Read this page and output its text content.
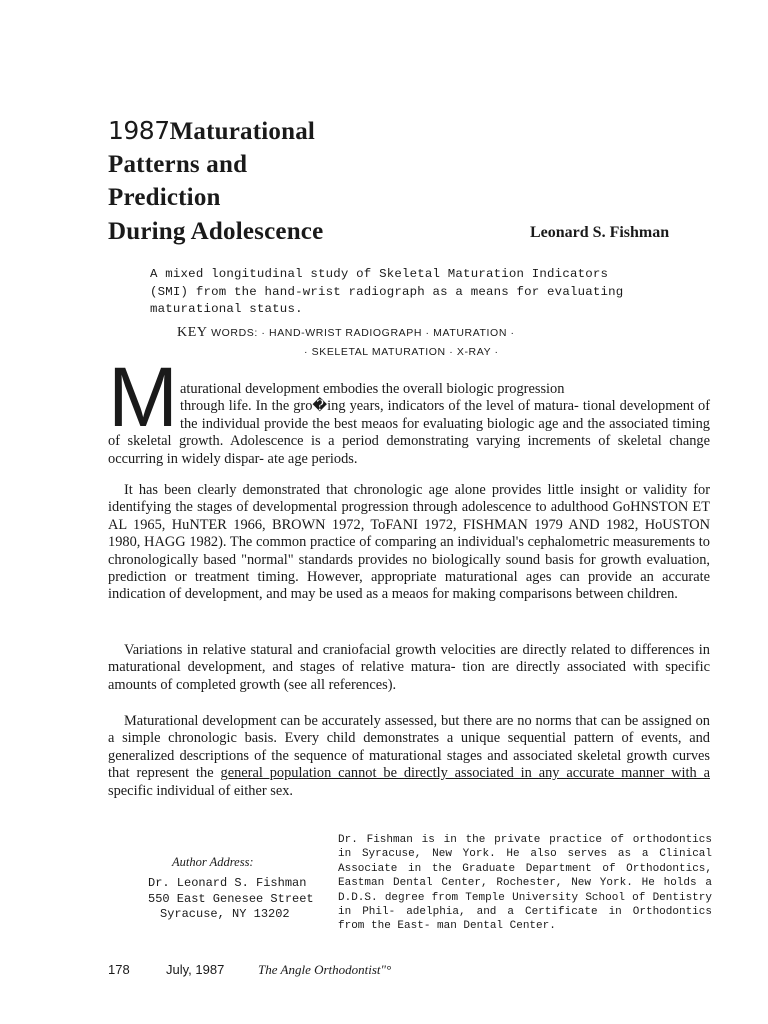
1987Maturational
Patterns and
Prediction
During Adolescence	Leonard S. Fishman
A mixed longitudinal study of Skeletal Maturation Indicators (SMI) from the hand-wrist radiograph as a means for evaluating maturational status.
KEY WORDS: · HAND-WRIST RADIOGRAPH · MATURATION ·
· SKELETAL MATURATION · X-RAY ·
M aturational development embodies the overall biologic progression
through life. In the gro�ing years, indicators of the level of matura- tional development of the individual provide the best meaos for evaluating biologic age and the associated timing of skeletal growth. Adolescence is a period demonstrating varying increments of skeletal change occurring in widely dispar- ate age periods.

It has been clearly demonstrated that chronologic age alone provides little insight or validity for identifying the stages of developmental progression through adolescence to adulthood GoHNSTON ET AL 1965, HuNTER 1966, BROWN 1972, ToFANI 1972, FISHMAN 1979 AND 1982, HoUSTON 1980, HAGG 1982). The common practice of comparing an individual's cephalometric measurements to chronologically based "normal" standards provides no biologically sound basis for growth evaluation, prediction or treatment timing. However, appropriate maturational ages can provide an accurate indication of development, and may be used as a meaos for making comparisons between children.

Variations in relative statural and craniofacial growth velocities are directly related to differences in maturational development, and stages of relative matura- tion are directly associated with specific amounts of completed growth (see all references).

Maturational development can be accurately assessed, but there are no norms that can be assigned on a simple chronologic basis. Every child demonstrates a unique sequential pattern of events, and generalized descriptions of the sequence of maturational stages and associated skeletal growth curves that represent the general population cannot be directly associated in any accurate manner with a specific individual of either sex.
Author Address:
Dr. Leonard S. Fishman
550 East Genesee Street
Syracuse, NY 13202
Dr. Fishman is in the private practice of orthodontics in Syracuse, New York. He also serves as a Clinical Associate in the Graduate Department of Orthodontics, Eastman Dental Center, Rochester, New York. He holds a D.D.S. degree from Temple University School of Dentistry in Phil- adelphia, and a Certificate in Orthodontics from the East- man Dental Center.
178	July, 1987	The Angle Orthodontist"°
